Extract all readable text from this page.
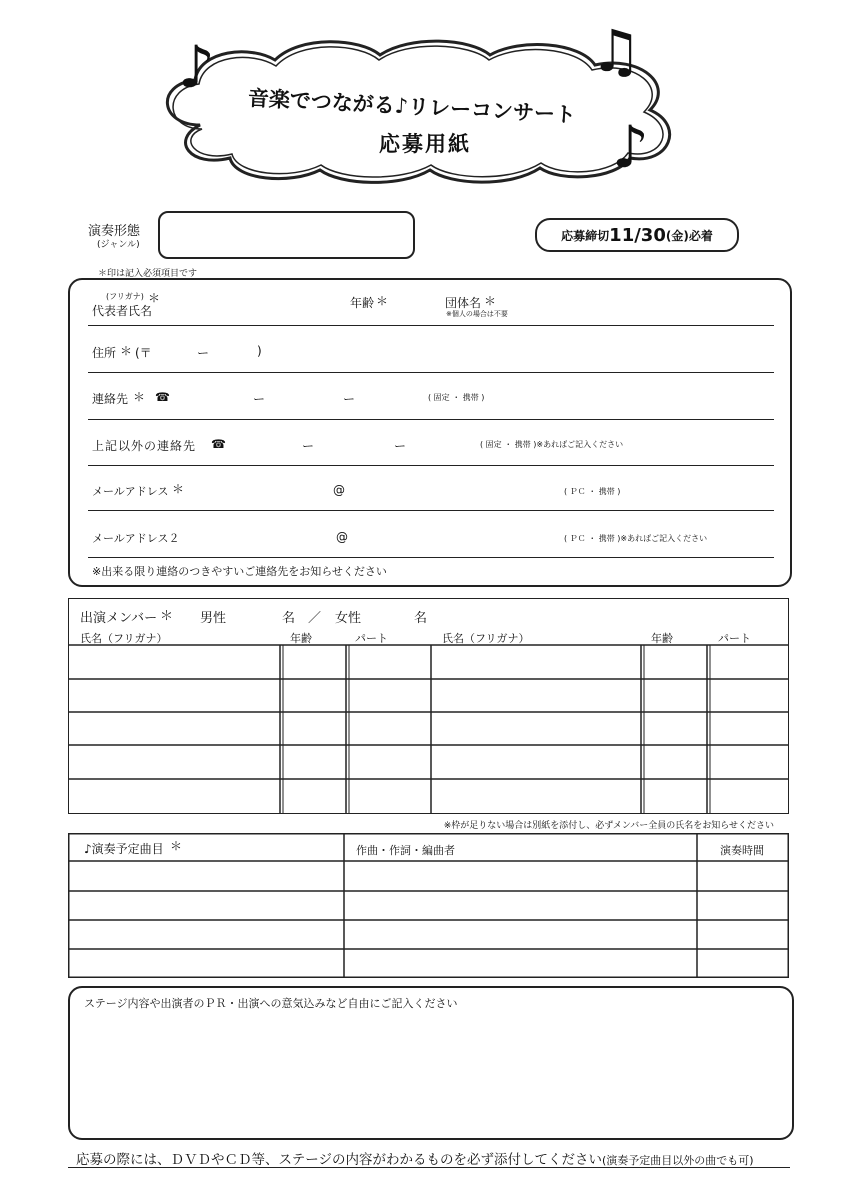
♪	♫
♪
音楽でつながる♪リレーコンサート
応募用紙
演奏形態
(ジャンル)
応募締切 11/30 (金) 必着
＊印は記入必須項目です
(フリガナ) ＊
代表者氏名
年齢 ＊	団体名 ＊
※個人の場合は不要
住所 ＊ (〒	ー	)
連絡先 ＊ ☎	ー	ー	( 固定 ・ 携帯 )
上記以外の連絡先 ☎	ー	ー	( 固定 ・ 携帯 )※あればご記入ください
メールアドレス ＊	@	( ＰＣ ・ 携帯 )
メールアドレス２	@	( ＰＣ ・ 携帯 )※あればご記入ください
※出来る限り連絡のつきやすいご連絡先をお知らせください
出演メンバー ＊ 男性	名 ／ 女性	名
氏名（フリガナ）	年齢	パート	氏名（フリガナ）	年齢	パート
※枠が足りない場合は別紙を添付し、必ずメンバー全員の氏名をお知らせください
♪演奏予定曲目 ＊	作曲・作詞・編曲者	演奏時間
ステージ内容や出演者のＰＲ・出演への意気込みなど自由にご記入ください
応募の際には、ＤＶＤやＣＤ等、ステージの内容がわかるものを必ず添付してください(演奏予定曲目以外の曲でも可)
